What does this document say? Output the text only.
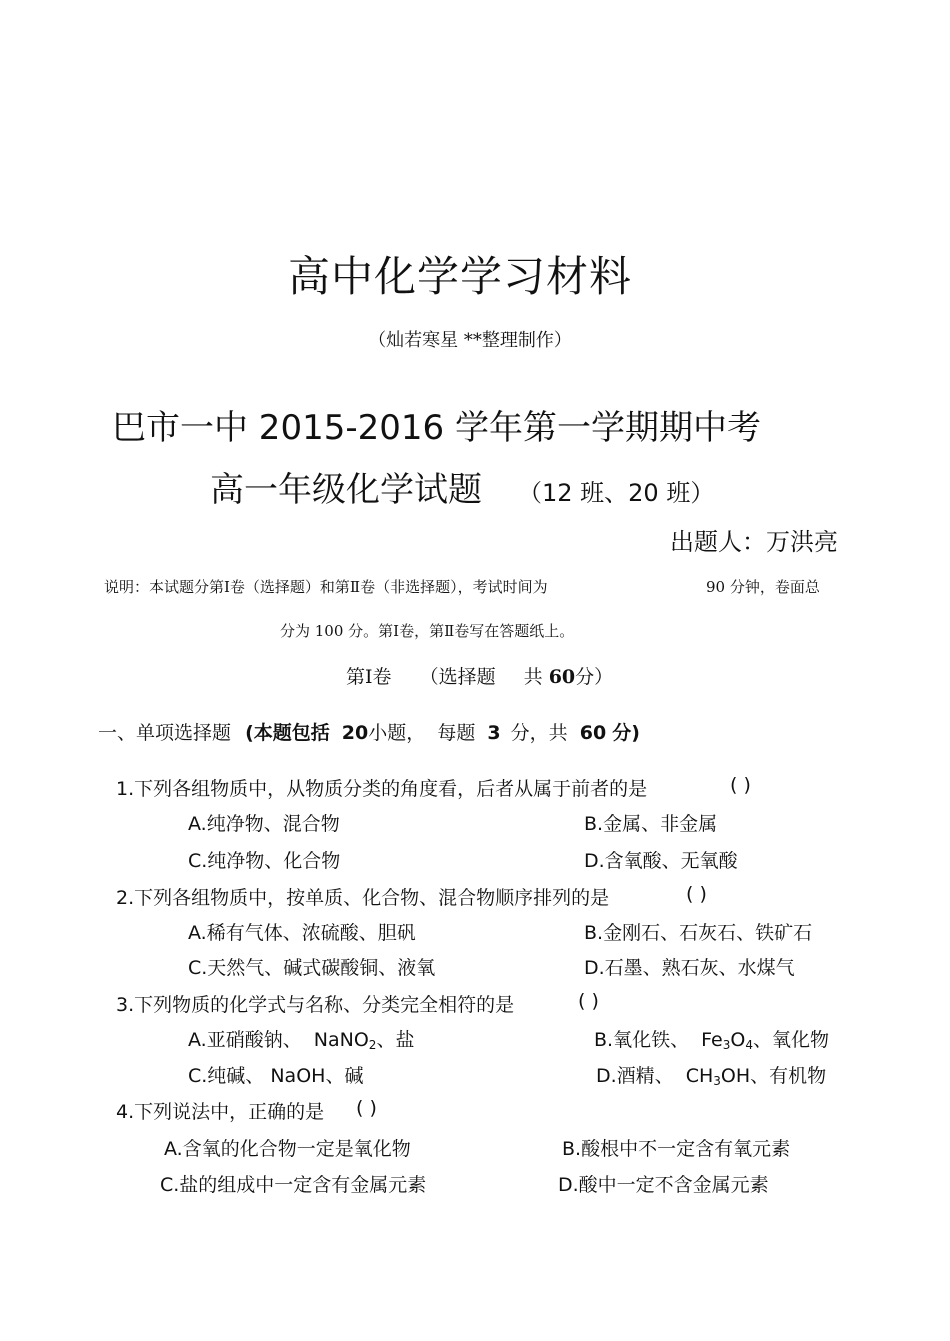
高中化学学习材料
（灿若寒星 **整理制作）
巴市一中 2015-2016 学年第一学期期中考
高一年级化学试题 （12 班、20 班）
出题人：万洪亮
说明：本试题分第Ⅰ卷（选择题）和第Ⅱ卷（非选择题），考试时间为	90 分钟，卷面总
分为 100 分。第Ⅰ卷，第Ⅱ卷写在答题纸上。
第Ⅰ卷 （选择题 共 60分）
一、单项选择题 (本题包括 20小题， 每题 3 分，共 60 分)
1.下列各组物质中，从物质分类的角度看，后者从属于前者的是	( )
A.纯净物、混合物	B.金属、非金属
C.纯净物、化合物	D.含氧酸、无氧酸
2.下列各组物质中，按单质、化合物、混合物顺序排列的是	( )
A.稀有气体、浓硫酸、胆矾	B.金刚石、石灰石、铁矿石
C.天然气、碱式碳酸铜、液氧	D.石墨、熟石灰、水煤气
3.下列物质的化学式与名称、分类完全相符的是	( )
A.亚硝酸钠、 NaNO$_2$、盐	B.氧化铁、 $Fe_3O_4$、氧化物
C.纯碱、 NaOH、碱	D.酒精、 $CH_3OH$、有机物
4.下列说法中，正确的是 ( )
A.含氧的化合物一定是氧化物	B.酸根中不一定含有氧元素
C.盐的组成中一定含有金属元素	D.酸中一定不含金属元素
